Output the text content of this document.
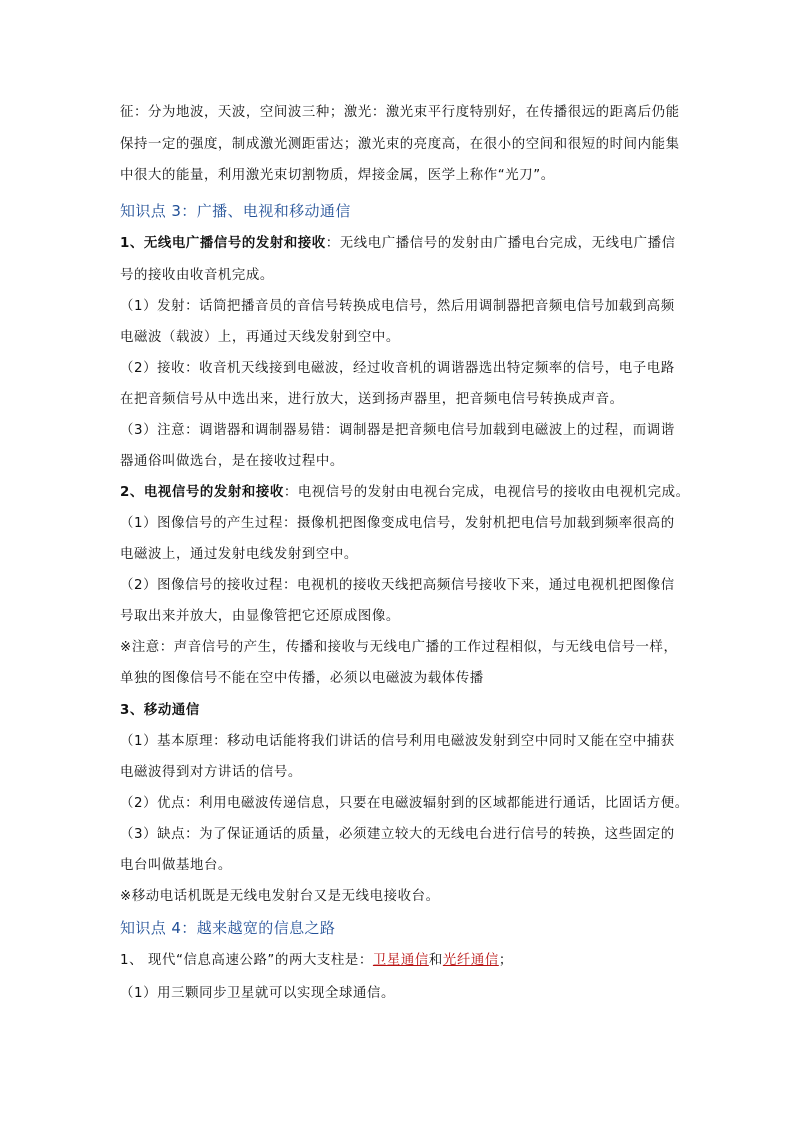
征：分为地波，天波，空间波三种；激光：激光束平行度特别好，在传播很远的距离后仍能
保持一定的强度，制成激光测距雷达；激光束的亮度高，在很小的空间和很短的时间内能集
中很大的能量，利用激光束切割物质，焊接金属，医学上称作“光刀”。
知识点 3：广播、电视和移动通信
1、无线电广播信号的发射和接收：无线电广播信号的发射由广播电台完成，无线电广播信
号的接收由收音机完成。
（1）发射：话筒把播音员的音信号转换成电信号，然后用调制器把音频电信号加载到高频
电磁波（载波）上，再通过天线发射到空中。
（2）接收：收音机天线接到电磁波，经过收音机的调谐器选出特定频率的信号，电子电路
在把音频信号从中选出来，进行放大，送到扬声器里，把音频电信号转换成声音。
（3）注意：调谐器和调制器易错：调制器是把音频电信号加载到电磁波上的过程，而调谐
器通俗叫做选台，是在接收过程中。
2、电视信号的发射和接收：电视信号的发射由电视台完成，电视信号的接收由电视机完成。
（1）图像信号的产生过程：摄像机把图像变成电信号，发射机把电信号加载到频率很高的
电磁波上，通过发射电线发射到空中。
（2）图像信号的接收过程：电视机的接收天线把高频信号接收下来，通过电视机把图像信
号取出来并放大，由显像管把它还原成图像。
※注意：声音信号的产生，传播和接收与无线电广播的工作过程相似，与无线电信号一样，
单独的图像信号不能在空中传播，必须以电磁波为载体传播
3、移动通信
（1）基本原理：移动电话能将我们讲话的信号利用电磁波发射到空中同时又能在空中捕获
电磁波得到对方讲话的信号。
（2）优点：利用电磁波传递信息，只要在电磁波辐射到的区域都能进行通话，比固话方便。
（3）缺点：为了保证通话的质量，必须建立较大的无线电台进行信号的转换，这些固定的
电台叫做基地台。
※移动电话机既是无线电发射台又是无线电接收台。
知识点 4：越来越宽的信息之路
1、 现代“信息高速公路”的两大支柱是：卫星通信和光纤通信；
（1）用三颗同步卫星就可以实现全球通信。
